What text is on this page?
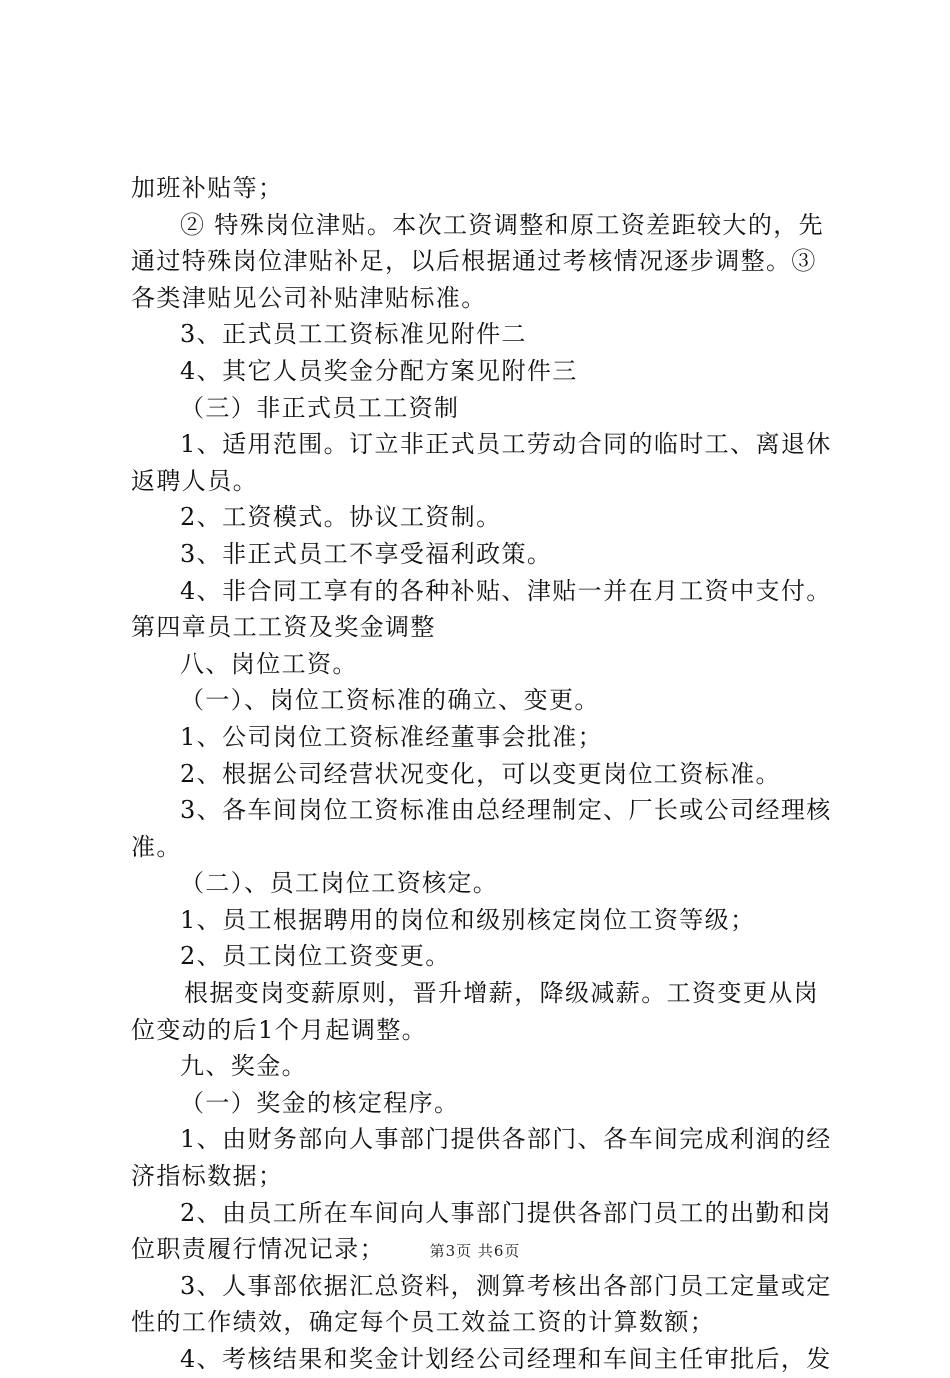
加班补贴等；
② 特殊岗位津贴。本次工资调整和原工资差距较大的，先
通过特殊岗位津贴补足，以后根据通过考核情况逐步调整。③
各类津贴见公司补贴津贴标准。
3、正式员工工资标准见附件二
4、其它人员奖金分配方案见附件三
（三）非正式员工工资制
1、适用范围。订立非正式员工劳动合同的临时工、离退休
返聘人员。
2、工资模式。协议工资制。
3、非正式员工不享受福利政策。
4、非合同工享有的各种补贴、津贴一并在月工资中支付。
第四章员工工资及奖金调整
八、岗位工资。
（一）、岗位工资标准的确立、变更。
1、公司岗位工资标准经董事会批准；
2、根据公司经营状况变化，可以变更岗位工资标准。
3、各车间岗位工资标准由总经理制定、厂长或公司经理核
准。
（二）、员工岗位工资核定。
1、员工根据聘用的岗位和级别核定岗位工资等级；
2、员工岗位工资变更。
根据变岗变薪原则，晋升增薪，降级减薪。工资变更从岗
位变动的后1个月起调整。
九、奖金。
（一）奖金的核定程序。
1、由财务部向人事部门提供各部门、各车间完成利润的经
济指标数据；
2、由员工所在车间向人事部门提供各部门员工的出勤和岗
位职责履行情况记录；
3、人事部依据汇总资料，测算考核出各部门员工定量或定
性的工作绩效，确定每个员工效益工资的计算数额；
4、考核结果和奖金计划经公司经理和车间主任审批后，发
第3页 共6页
